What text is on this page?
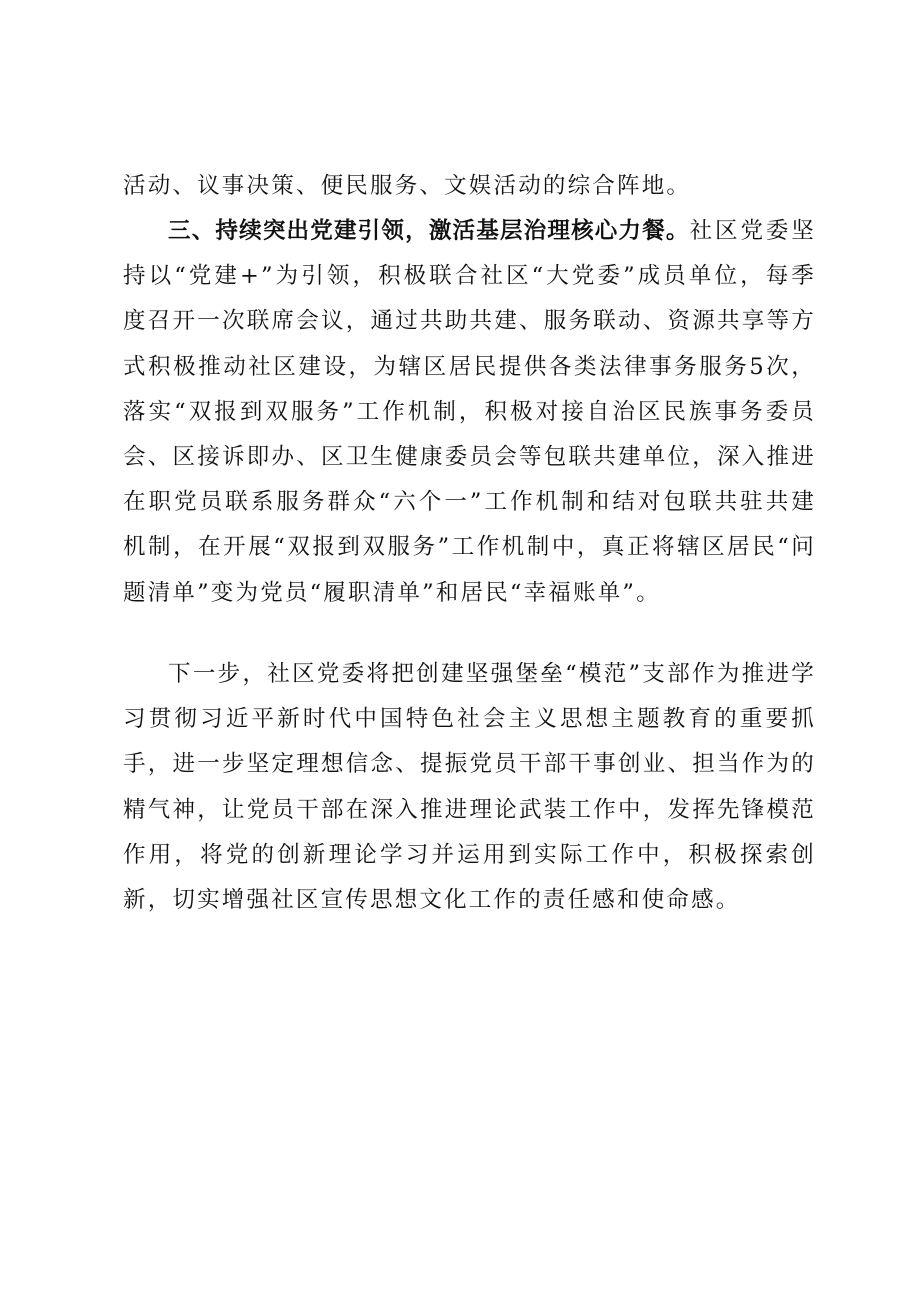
活动、议事决策、便民服务、文娱活动的综合阵地。

三、持续突出党建引领，激活基层治理核心力餐。社区党委坚持以“党建+”为引领，积极联合社区“大党委”成员单位，每季度召开一次联席会议，通过共助共建、服务联动、资源共享等方式积极推动社区建设，为辖区居民提供各类法律事务服务5次，落实“双报到双服务”工作机制，积极对接自治区民族事务委员会、区接诉即办、区卫生健康委员会等包联共建单位，深入推进在职党员联系服务群众“六个一”工作机制和结对包联共驻共建机制，在开展“双报到双服务”工作机制中，真正将辖区居民“问题清单”变为党员“履职清单”和居民“幸福账单”。

下一步，社区党委将把创建坚强堡垒“模范”支部作为推进学习贯彻习近平新时代中国特色社会主义思想主题教育的重要抓手，进一步坚定理想信念、提振党员干部干事创业、担当作为的精气神，让党员干部在深入推进理论武装工作中，发挥先锋模范作用，将党的创新理论学习并运用到实际工作中，积极探索创新，切实增强社区宣传思想文化工作的责任感和使命感。
